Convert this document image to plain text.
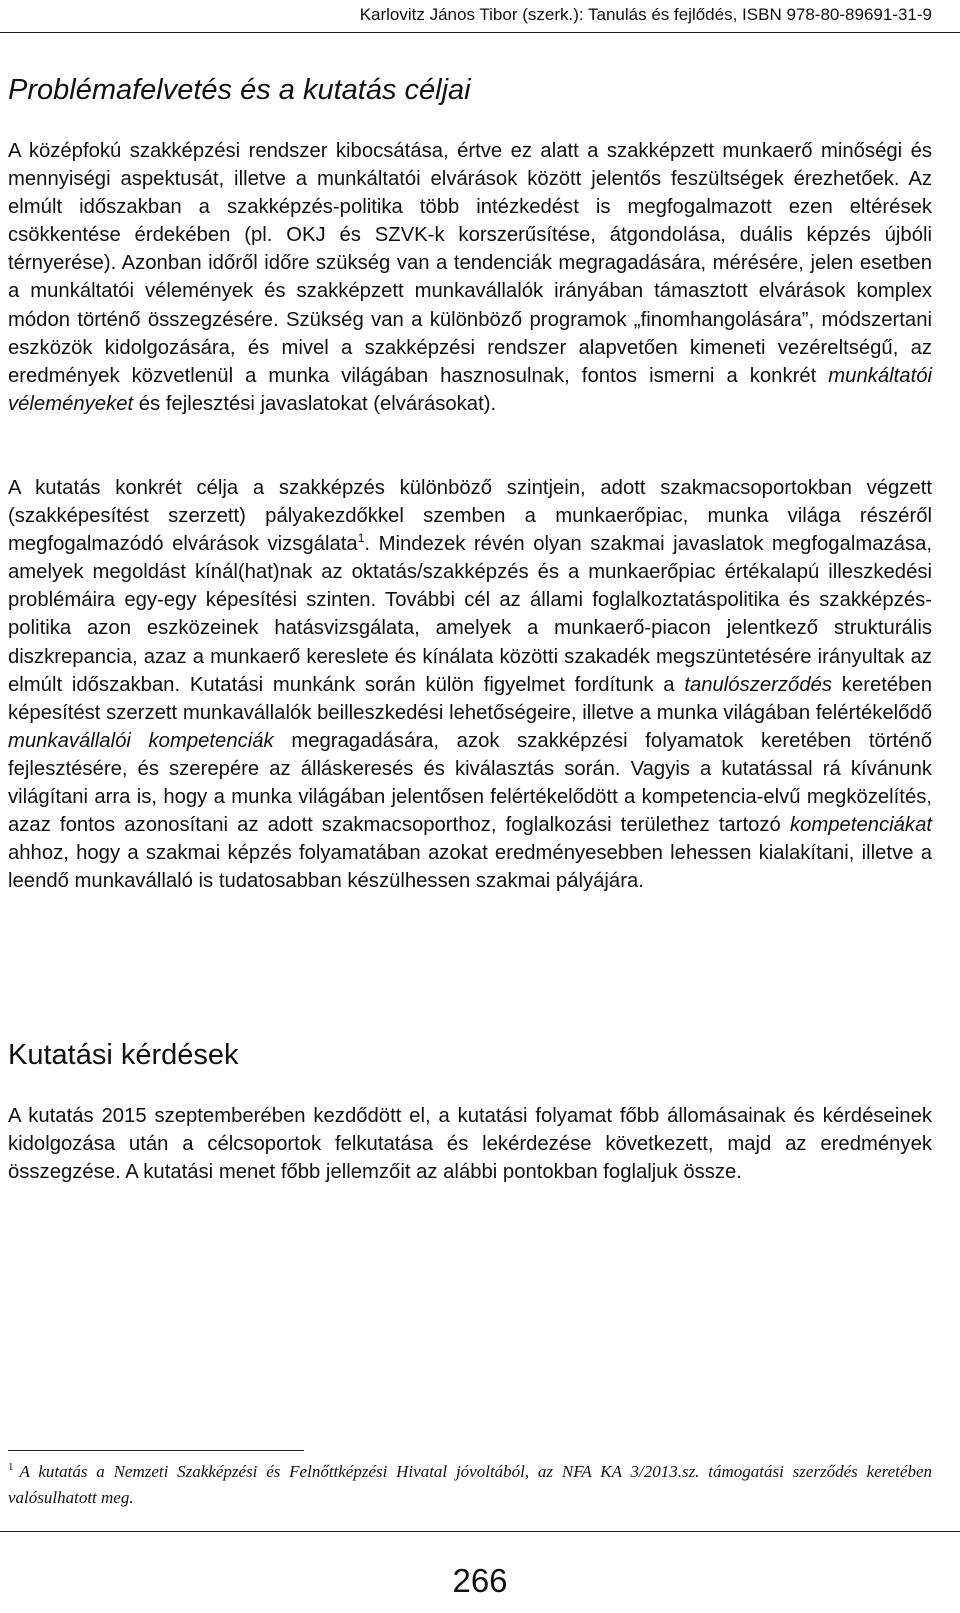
Karlovitz János Tibor (szerk.): Tanulás és fejlődés, ISBN 978-80-89691-31-9
Problémafelvetés és a kutatás céljai

A középfokú szakképzési rendszer kibocsátása, értve ez alatt a szakképzett munkaerő minőségi és mennyiségi aspektusát, illetve a munkáltatói elvárások között jelentős feszültségek érezhetőek. Az elmúlt időszakban a szakképzés-politika több intézkedést is megfogalmazott ezen eltérések csökkentése érdekében (pl. OKJ és SZVK-k korszerűsítése, átgondolása, duális képzés újbóli térnyerése). Azonban időről időre szükség van a tendenciák megragadására, mérésére, jelen esetben a munkáltatói vélemények és szakképzett munkavállalók irányában támasztott elvárások komplex módon történő összegzésére. Szükség van a különböző programok „finomhangolására”, módszertani eszközök kidolgozására, és mivel a szakképzési rendszer alapvetően kimeneti vezéreltségű, az eredmények közvetlenül a munka világában hasznosulnak, fontos ismerni a konkrét munkáltatói véleményeket és fejlesztési javaslatokat (elvárásokat).

A kutatás konkrét célja a szakképzés különböző szintjein, adott szakmacsoportokban végzett (szakképesítést szerzett) pályakezdőkkel szemben a munkaerőpiac, munka világa részéről megfogalmazódó elvárások vizsgálata$^1$. Mindezek révén olyan szakmai javaslatok megfogalmazása, amelyek megoldást kínál(hat)nak az oktatás/szakképzés és a munkaerőpiac értékalapú illeszkedési problémáira egy-egy képesítési szinten. További cél az állami foglalkoztatáspolitika és szakképzés-politika azon eszközeinek hatásvizsgálata, amelyek a munkaerő-piacon jelentkező strukturális diszkrepancia, azaz a munkaerő kereslete és kínálata közötti szakadék megszüntetésére irányultak az elmúlt időszakban. Kutatási munkánk során külön figyelmet fordítunk a tanulószerződés keretében képesítést szerzett munkavállalók beilleszkedési lehetőségeire, illetve a munka világában felértékelődő munkavállalói kompetenciák megragadására, azok szakképzési folyamatok keretében történő fejlesztésére, és szerepére az álláskeresés és kiválasztás során. Vagyis a kutatással rá kívánunk világítani arra is, hogy a munka világában jelentősen felértékelődött a kompetencia-elvű megközelítés, azaz fontos azonosítani az adott szakmacsoporthoz, foglalkozási területhez tartozó kompetenciákat ahhoz, hogy a szakmai képzés folyamatában azokat eredményesebben lehessen kialakítani, illetve a leendő munkavállaló is tudatosabban készülhessen szakmai pályájára.

Kutatási kérdések

A kutatás 2015 szeptemberében kezdődött el, a kutatási folyamat főbb állomásainak és kérdéseinek kidolgozása után a célcsoportok felkutatása és lekérdezése következett, majd az eredmények összegzése. A kutatási menet főbb jellemzőit az alábbi pontokban foglaljuk össze.

$^1$ A kutatás a Nemzeti Szakképzési és Felnőttképzési Hivatal jóvoltából, az NFA KA 3/2013.sz. támogatási szerződés keretében valósulhatott meg.

266
